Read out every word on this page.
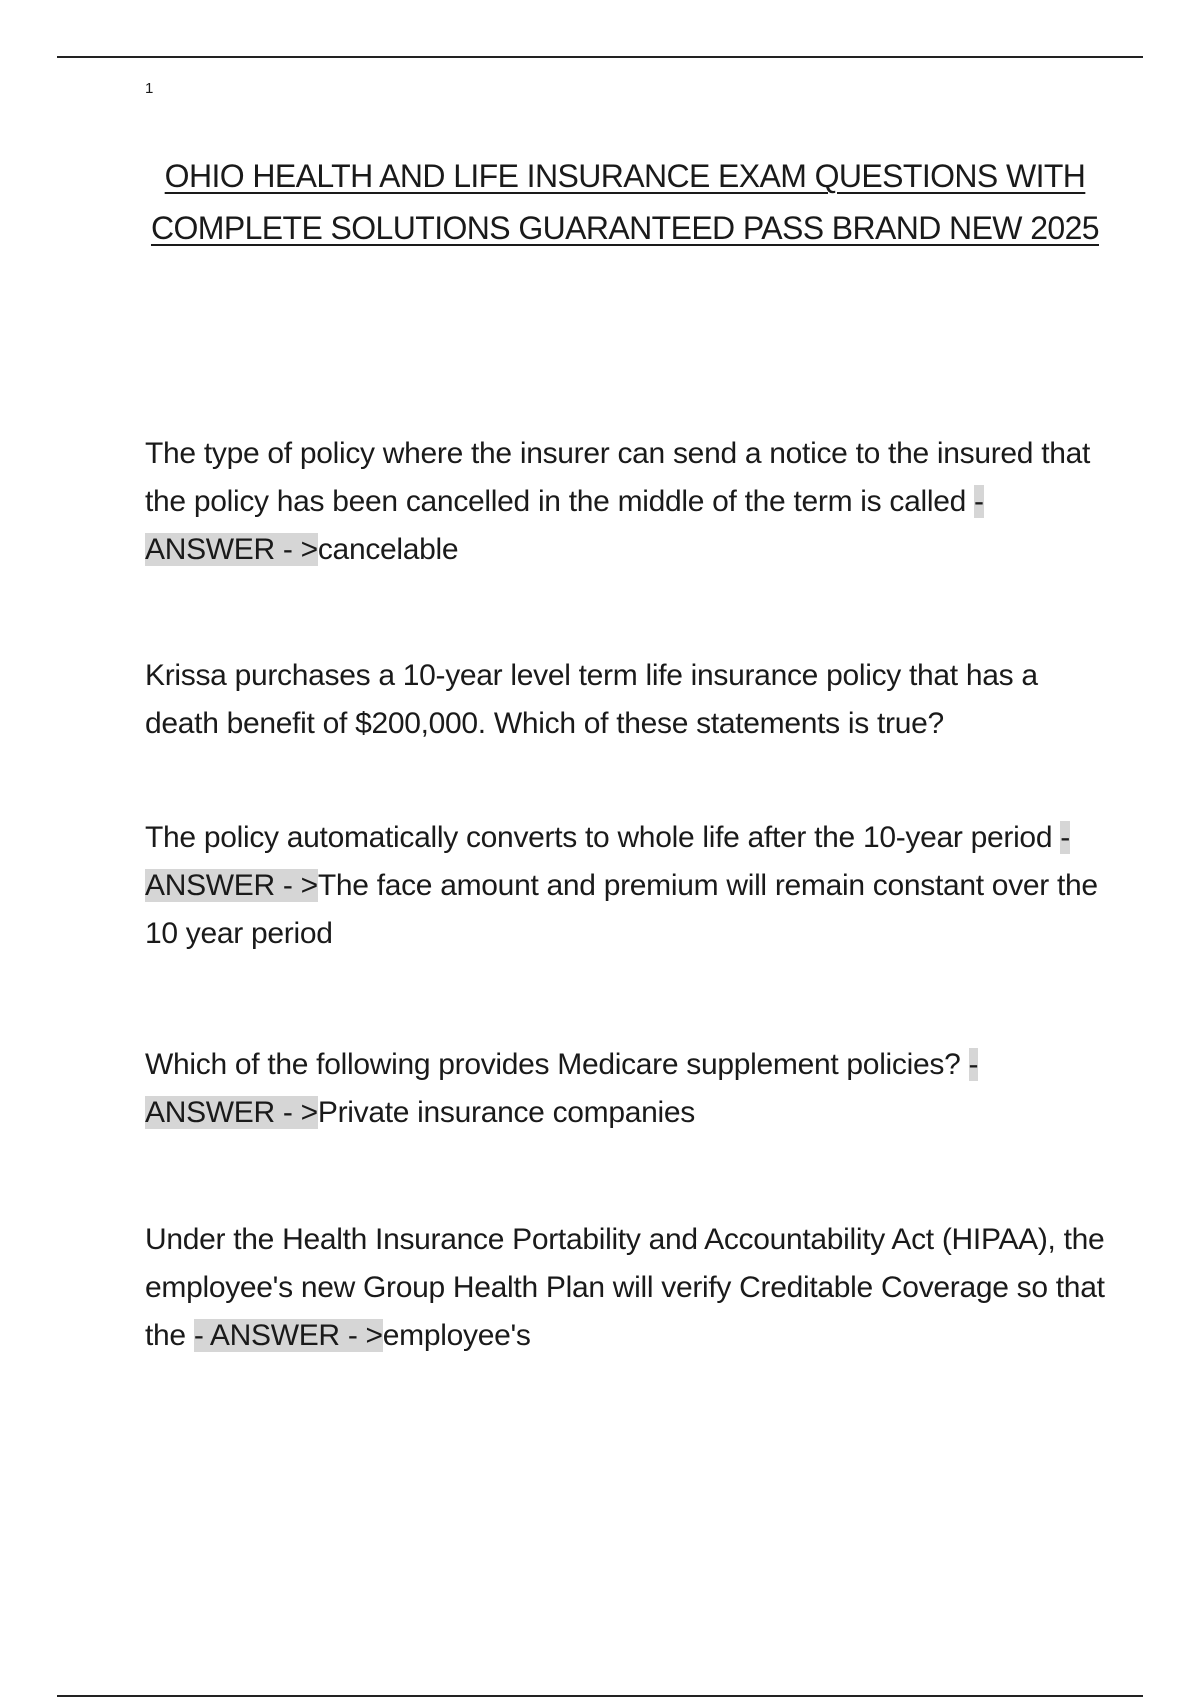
1
OHIO HEALTH AND LIFE INSURANCE EXAM QUESTIONS WITH COMPLETE SOLUTIONS GUARANTEED PASS BRAND NEW 2025

The type of policy where the insurer can send a notice to the insured that the policy has been cancelled in the middle of the term is called - ANSWER - >cancelable

Krissa purchases a 10-year level term life insurance policy that has a death benefit of $200,000. Which of these statements is true?

The policy automatically converts to whole life after the 10-year period - ANSWER - >The face amount and premium will remain constant over the 10 year period

Which of the following provides Medicare supplement policies? - ANSWER - >Private insurance companies

Under the Health Insurance Portability and Accountability Act (HIPAA), the employee's new Group Health Plan will verify Creditable Coverage so that the - ANSWER - >employee's
